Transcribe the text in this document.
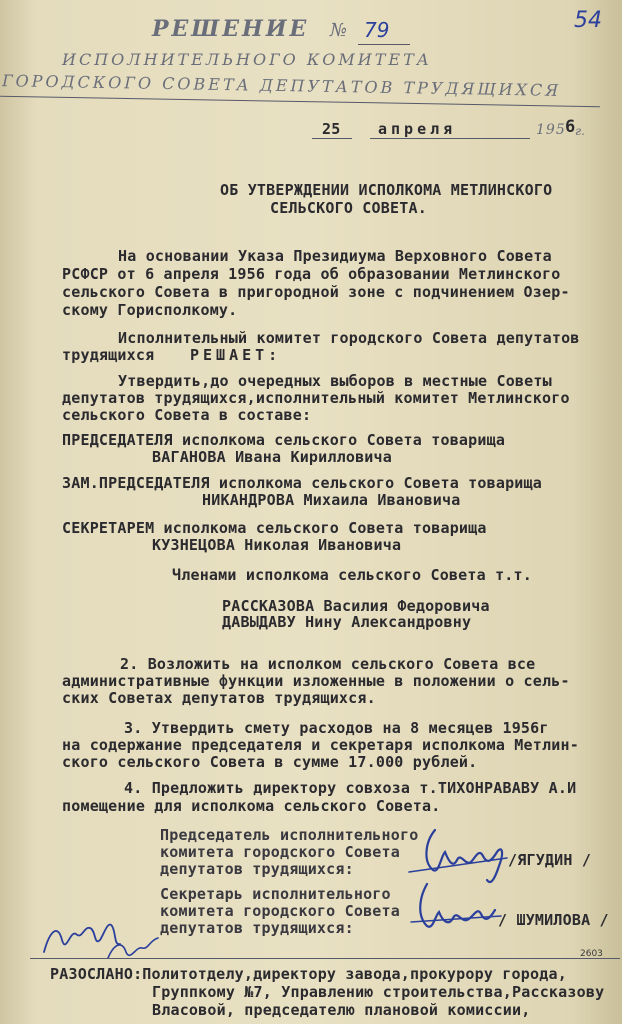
54
РЕШЕНИЕ № 79
ИСПОЛНИТЕЛЬНОГО КОМИТЕТА
ГОРОДСКОГО СОВЕТА ДЕПУТАТОВ ТРУДЯЩИХСЯ
25	апреля	195 6 г.
ОБ УТВЕРЖДЕНИИ ИСПОЛКОМА МЕТЛИНСКОГО
СЕЛЬСКОГО СОВЕТА.
На основании Указа Президиума Верховного Совета
РСФСР от 6 апреля 1956 года об образовании Метлинского
сельского Совета в пригородной зоне с подчинением Озер-
скому Горисполкому.
Исполнительный комитет городского Совета депутатов
трудящихся РЕШАЕТ:
Утвердить,до очередных выборов в местные Советы
депутатов трудящихся,исполнительный комитет Метлинского
сельского Совета в составе:
ПРЕДСЕДАТЕЛЯ исполкома сельского Совета товарища
ВАГАНОВА Ивана Кирилловича
ЗАМ.ПРЕДСЕДАТЕЛЯ исполкома сельского Совета товарища
НИКАНДРОВА Михаила Ивановича
СЕКРЕТАРЕМ исполкома сельского Совета товарища
КУЗНЕЦОВА Николая Ивановича
Членами исполкома сельского Совета т.т.
РАССКАЗОВА Василия Федоровича
ДАВЫДАВУ Нину Александровну
2. Возложить на исполком сельского Совета все
административные функции изложенные в положении о сель-
ских Советах депутатов трудящихся.
3. Утвердить смету расходов на 8 месяцев 1956г
на содержание председателя и секретаря исполкома Метлин-
ского сельского Совета в сумме 17.000 рублей.
4. Предложить директору совхоза т.ТИХОНРАВАВУ А.И
помещение для исполкома сельского Совета.
Председатель исполнительного
комитета городского Совета
депутатов трудящихся:	/ЯГУДИН /
Секретарь исполнительного
комитета городского Совета
депутатов трудящихся:	/ ШУМИЛОВА /
2603
РАЗОСЛАНО:Политотделу,директору завода,прокурору города,
Группкому №7, Управлению строительства,Рассказову
Власовой, председателю плановой комиссии,
